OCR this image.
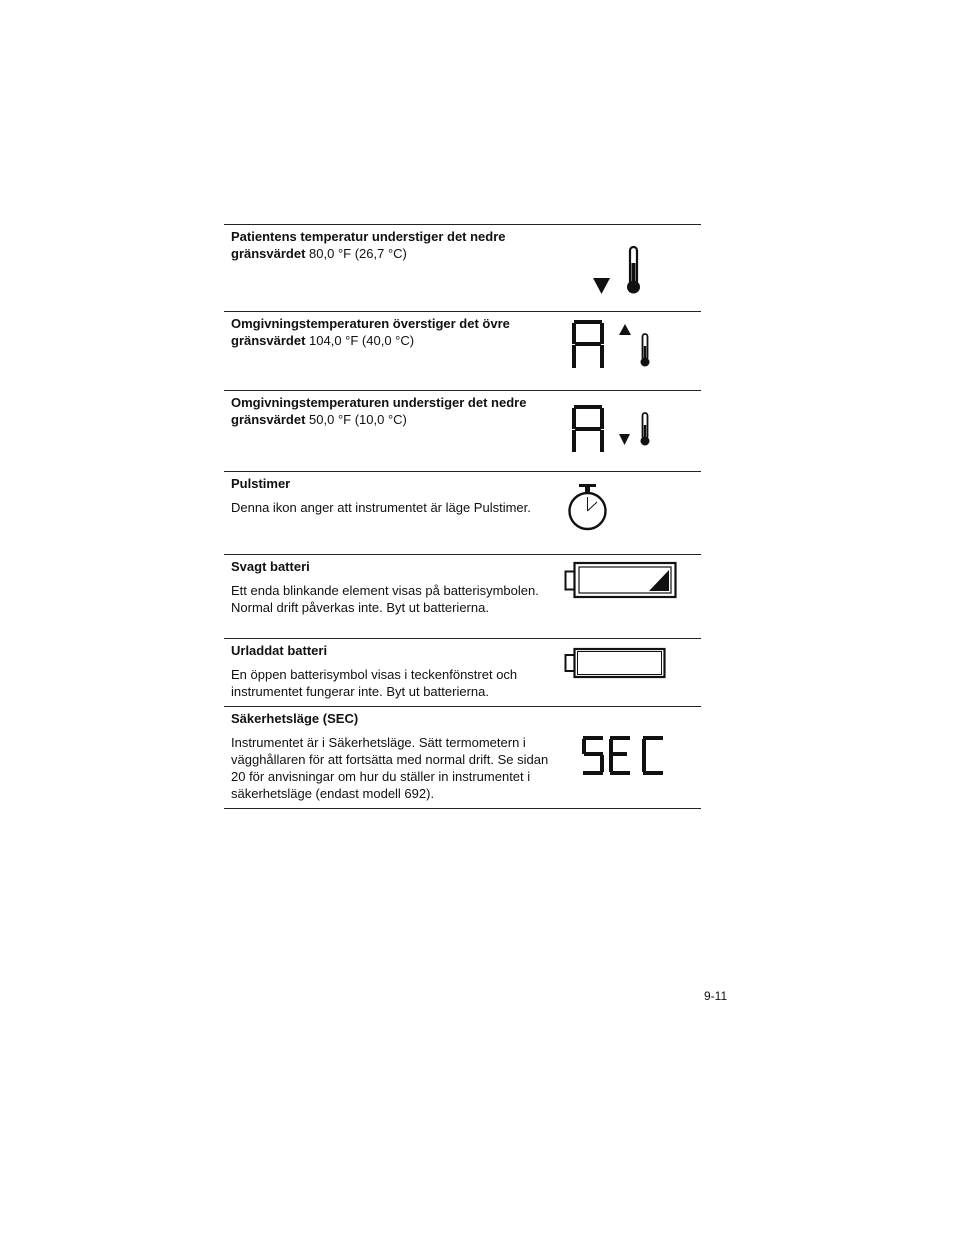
Patientens temperatur understiger det nedre gränsvärdet 80,0 °F (26,7 °C)
Omgivningstemperaturen överstiger det övre gränsvärdet 104,0 °F (40,0 °C)
Omgivningstemperaturen understiger det nedre gränsvärdet 50,0 °F (10,0 °C)
Pulstimer
Denna ikon anger att instrumentet är läge Pulstimer.
Svagt batteri
Ett enda blinkande element visas på batterisymbolen. Normal drift påverkas inte. Byt ut batterierna.
Urladdat batteri
En öppen batterisymbol visas i teckenfönstret och instrumentet fungerar inte. Byt ut batterierna.
Säkerhetsläge (SEC)
Instrumentet är i Säkerhetsläge. Sätt termometern i vägghållaren för att fortsätta med normal drift. Se sidan 20 för anvisningar om hur du ställer in instrumentet i säkerhetsläge (endast modell 692).
9-11
